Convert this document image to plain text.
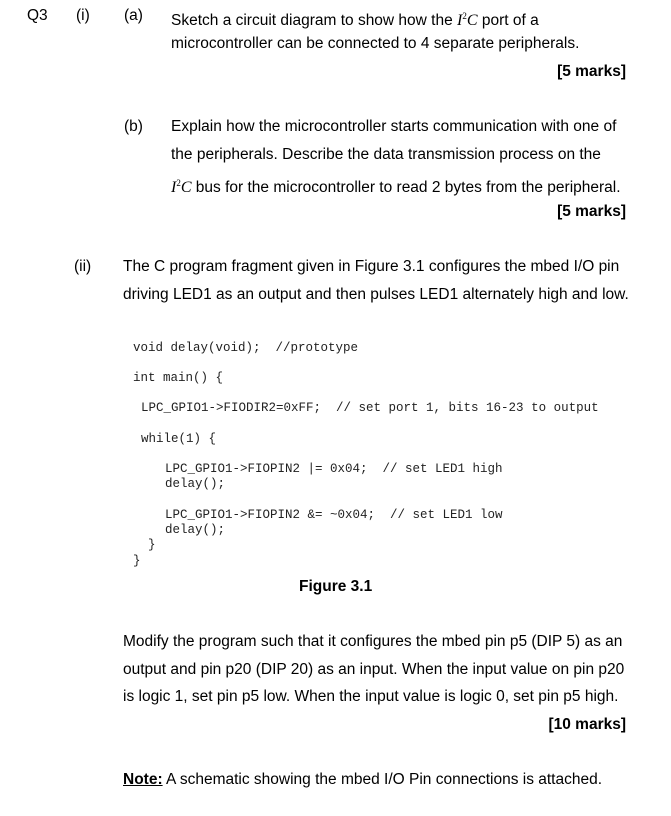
Q3 (i) (a) Sketch a circuit diagram to show how the $I^2C$ port of a
microcontroller can be connected to 4 separate peripherals.
[5 marks]
(b) Explain how the microcontroller starts communication with one of
the peripherals. Describe the data transmission process on the
$I^2C$ bus for the microcontroller to read 2 bytes from the peripheral.
[5 marks]
(ii) The C program fragment given in Figure 3.1 configures the mbed I/O pin
driving LED1 as an output and then pulses LED1 alternately high and low.
void delay(void);  //prototype
int main() {
LPC_GPIO1->FIODIR2=0xFF;  // set port 1, bits 16-23 to output
while(1) {
LPC_GPIO1->FIOPIN2 |= 0x04;  // set LED1 high
delay();
LPC_GPIO1->FIOPIN2 &= ~0x04;  // set LED1 low
delay();
}
}
Figure 3.1
Modify the program such that it configures the mbed pin p5 (DIP 5) as an
output and pin p20 (DIP 20) as an input. When the input value on pin p20
is logic 1, set pin p5 low. When the input value is logic 0, set pin p5 high.
[10 marks]
Note: A schematic showing the mbed I/O Pin connections is attached.
